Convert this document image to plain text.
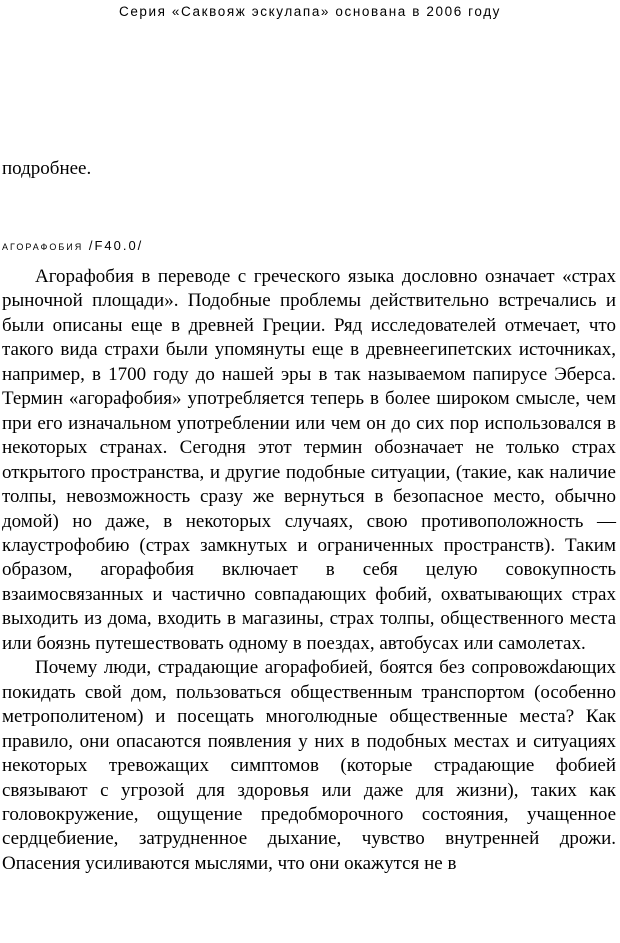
Серия «Саквояж эскулапа» основана в 2006 году
подробнее.
агорафобия /F40.0/

Агорафобия в переводе с греческого языка дословно означает «страх рыночной площади». Подобные проблемы действительно встречались и были описаны еще в древней Греции. Ряд исследователей отмечает, что такого вида страхи были упомянуты еще в древнеегипетских источниках, например, в 1700 году до нашей эры в так называемом папирусе Эберса. Термин «агорафобия» употребляется теперь в более широком смысле, чем при его изначальном употреблении или чем он до сих пор использовался в некоторых странах. Сегодня этот термин обозначает не только страх открытого пространства, и другие подобные ситуации, (такие, как наличие толпы, невозможность сразу же вернуться в безопасное место, обычно домой) но даже, в некоторых случаях, свою противоположность — клаустрофобию (страх замкнутых и ограниченных пространств). Таким образом, агорафобия включает в себя целую совокупность взаимосвязанных и частично совпадающих фобий, охватывающих страх выходить из дома, входить в магазины, страх толпы, общественного места или боязнь путешествовать одному в поездах, автобусах или самолетах.

Почему люди, страдающие агорафобией, боятся без сопровожdающих покидать свой дом, пользоваться общественным транспортом (особенно метрополитеном) и посещать многолюдные общественные места? Как правило, они опасаются появления у них в подобных местах и ситуациях некоторых тревожащих симптомов (которые страдающие фобией связывают с угрозой для здоровья или даже для жизни), таких как головокружение, ощущение предобморочного состояния, учащенное сердцебиение, затрудненное дыхание, чувство внутренней дрожи. Опасения усиливаются мыслями, что они окажутся не в
